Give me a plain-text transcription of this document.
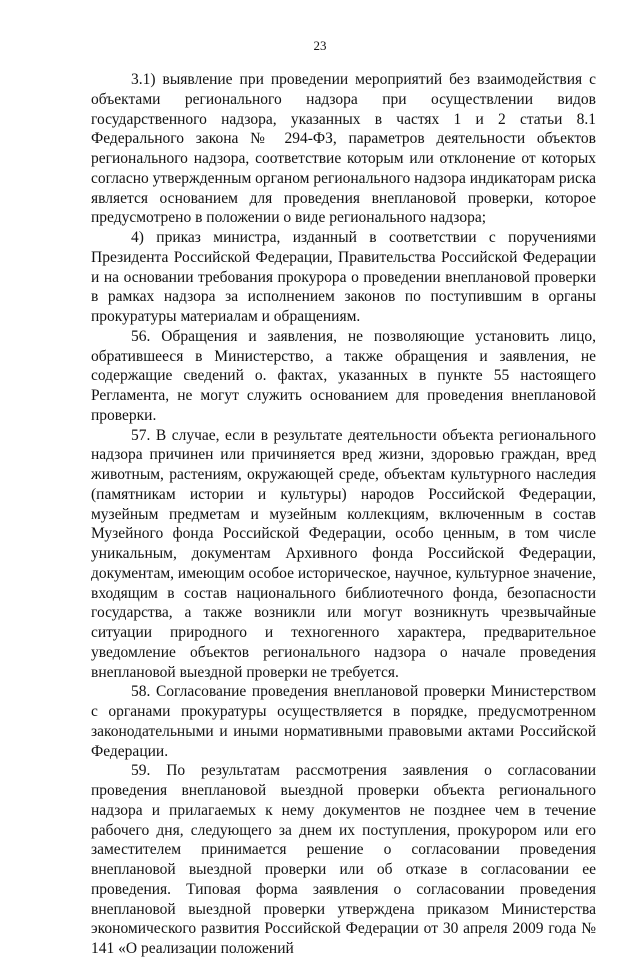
23

3.1) выявление при проведении мероприятий без взаимодействия с объектами регионального надзора при осуществлении видов государственного надзора, указанных в частях 1 и 2 статьи 8.1 Федерального закона № 294-ФЗ, параметров деятельности объектов регионального надзора, соответствие которым или отклонение от которых согласно утвержденным органом регионального надзора индикаторам риска является основанием для проведения внеплановой проверки, которое предусмотрено в положении о виде регионального надзора;

4) приказ министра, изданный в соответствии с поручениями Президента Российской Федерации, Правительства Российской Федерации и на основании требования прокурора о проведении внеплановой проверки в рамках надзора за исполнением законов по поступившим в органы прокуратуры материалам и обращениям.

56. Обращения и заявления, не позволяющие установить лицо, обратившееся в Министерство, а также обращения и заявления, не содержащие сведений о. фактах, указанных в пункте 55 настоящего Регламента, не могут служить основанием для проведения внеплановой проверки.

57. В случае, если в результате деятельности объекта регионального надзора причинен или причиняется вред жизни, здоровью граждан, вред животным, растениям, окружающей среде, объектам культурного наследия (памятникам истории и культуры) народов Российской Федерации, музейным предметам и музейным коллекциям, включенным в состав Музейного фонда Российской Федерации, особо ценным, в том числе уникальным, документам Архивного фонда Российской Федерации, документам, имеющим особое историческое, научное, культурное значение, входящим в состав национального библиотечного фонда, безопасности государства, а также возникли или могут возникнуть чрезвычайные ситуации природного и техногенного характера, предварительное уведомление объектов регионального надзора о начале проведения внеплановой выездной проверки не требуется.

58. Согласование проведения внеплановой проверки Министерством с органами прокуратуры осуществляется в порядке, предусмотренном законодательными и иными нормативными правовыми актами Российской Федерации.

59. По результатам рассмотрения заявления о согласовании проведения внеплановой выездной проверки объекта регионального надзора и прилагаемых к нему документов не позднее чем в течение рабочего дня, следующего за днем их поступления, прокурором или его заместителем принимается решение о согласовании проведения внеплановой выездной проверки или об отказе в согласовании ее проведения. Типовая форма заявления о согласовании проведения внеплановой выездной проверки утверждена приказом Министерства экономического развития Российской Федерации от 30 апреля 2009 года № 141 «О реализации положений
